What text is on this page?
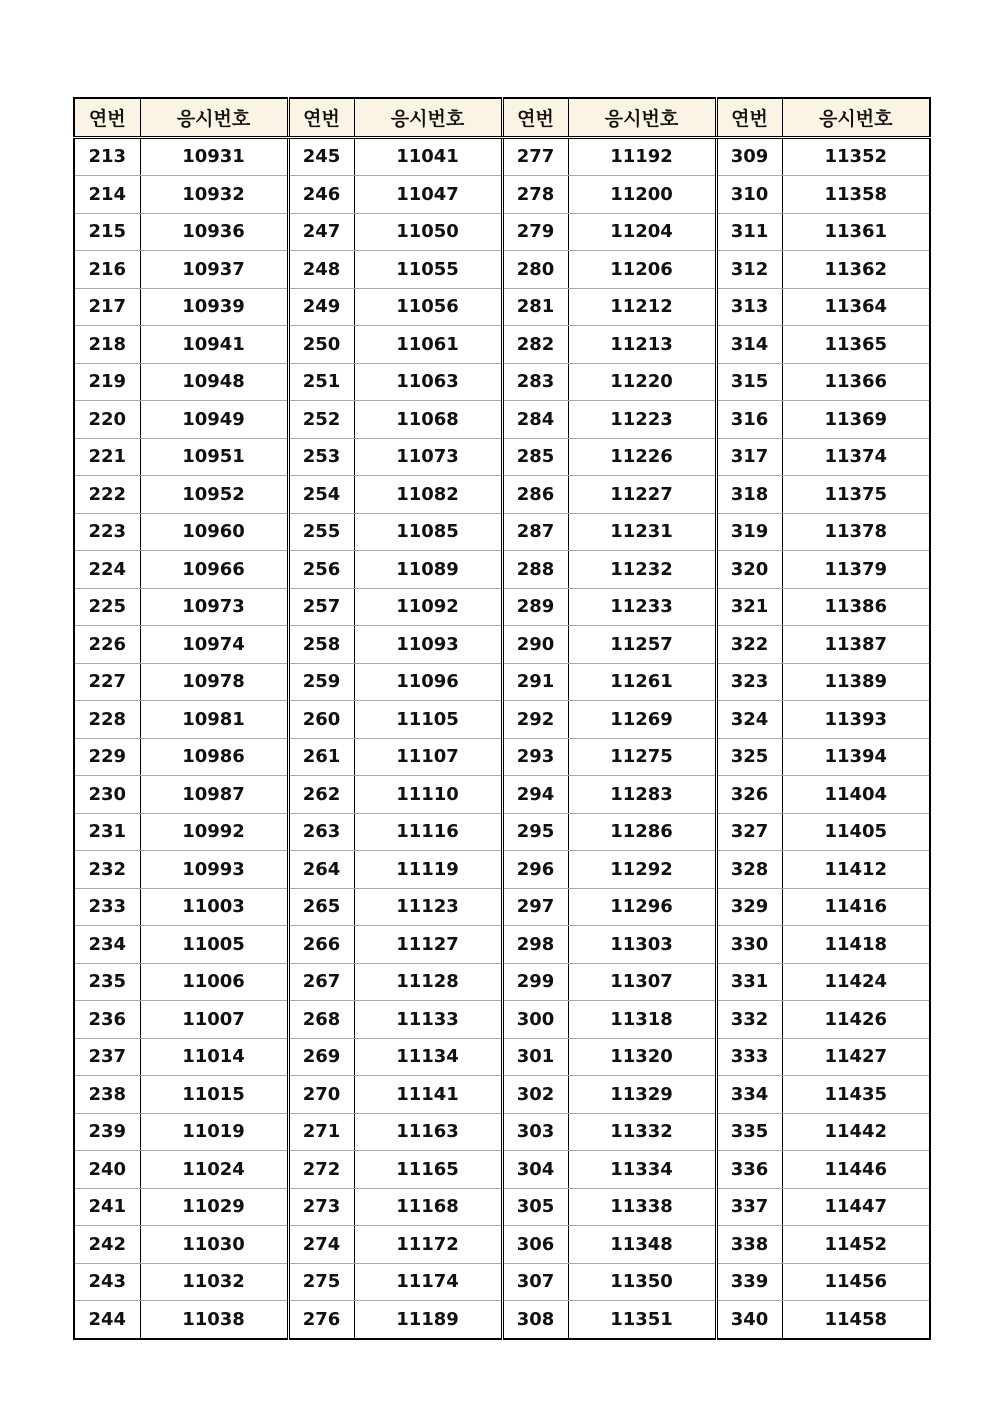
연번	응시번호	연번	응시번호	연번	응시번호	연번	응시번호
213	10931	245	11041	277	11192	309	11352
214	10932	246	11047	278	11200	310	11358
215	10936	247	11050	279	11204	311	11361
216	10937	248	11055	280	11206	312	11362
217	10939	249	11056	281	11212	313	11364
218	10941	250	11061	282	11213	314	11365
219	10948	251	11063	283	11220	315	11366
220	10949	252	11068	284	11223	316	11369
221	10951	253	11073	285	11226	317	11374
222	10952	254	11082	286	11227	318	11375
223	10960	255	11085	287	11231	319	11378
224	10966	256	11089	288	11232	320	11379
225	10973	257	11092	289	11233	321	11386
226	10974	258	11093	290	11257	322	11387
227	10978	259	11096	291	11261	323	11389
228	10981	260	11105	292	11269	324	11393
229	10986	261	11107	293	11275	325	11394
230	10987	262	11110	294	11283	326	11404
231	10992	263	11116	295	11286	327	11405
232	10993	264	11119	296	11292	328	11412
233	11003	265	11123	297	11296	329	11416
234	11005	266	11127	298	11303	330	11418
235	11006	267	11128	299	11307	331	11424
236	11007	268	11133	300	11318	332	11426
237	11014	269	11134	301	11320	333	11427
238	11015	270	11141	302	11329	334	11435
239	11019	271	11163	303	11332	335	11442
240	11024	272	11165	304	11334	336	11446
241	11029	273	11168	305	11338	337	11447
242	11030	274	11172	306	11348	338	11452
243	11032	275	11174	307	11350	339	11456
244	11038	276	11189	308	11351	340	11458
